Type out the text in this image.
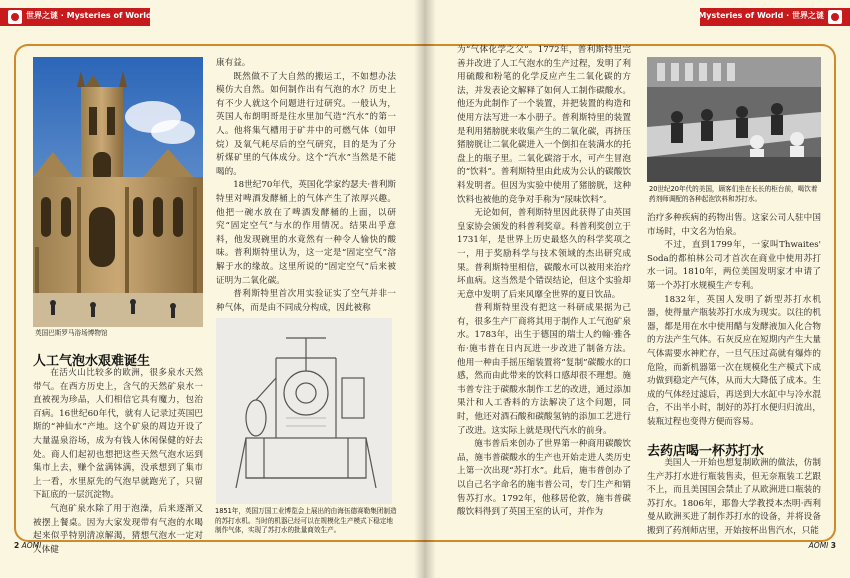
世界之谜 · Mysteries of World
英国巴斯罗马浴场博物馆
1851年，英国万国工业博览会上展出的由海伍德赛勒集团制造的苏打水机。当时的机器已经可以在规模化生产模式下稳定地制作气体，实现了苏打水的批量商效生产。
人工气泡水艰难诞生

在活火山比较多的欧洲，很多泉水天然带气。在西方历史上，含气的天然矿泉水一直被视为珍品，人们相信它具有魔力，包治百病。16世纪60年代，就有人记录过英国巴斯的“神仙水”产地。这个矿泉的周边开设了大量温泉浴场，成为有钱人休闲保健的好去处。商人们起初也想把这些天然气泡水运到集市上去，赚个盆满钵满，没承想到了集市上一看，水里原先的气泡早就跑光了，只留下缸底的一层沉淀物。

气泡矿泉水除了用于泡澡，后来逐渐又被摆上餐桌。因为大家发现带有气泡的水喝起来似乎特别清凉解渴，猜想气泡水一定对人体健

康有益。

既然做不了大自然的搬运工，不如想办法模仿大自然。如何制作出有气泡的水？历史上有不少人就这个问题进行过研究。一般认为，英国人布朗明哥是往水里加气造“汽水”的第一人。他将集气槽用于矿井中的可燃气体（如甲烷）及氧气耗尽后的空气研究，目的是为了分析煤矿里的气体成分。这个“汽水”当然是不能喝的。

18世纪70年代，英国化学家约瑟夫·普利斯特里对啤酒发酵桶上的气体产生了浓厚兴趣。他把一碗水放在了啤酒发酵桶的上面，以研究“固定空气”与水的作用情况。结果出乎意料，他发现碗里的水竟然有一种令人愉快的酸味。普利斯特里认为，这一定是“固定空气”溶解于水的缘故。这里所说的“固定空气”后来被证明为二氧化碳。

普利斯特里首次用实验证实了空气并非一种气体，而是由不同成分构成，因此被称

2 AOMI
Mysteries of World · 世界之谜

为“气体化学之父”。1772年，普利斯特里完善并改进了人工气泡水的生产过程，发明了利用硫酸和粉笔的化学反应产生二氧化碳的方法，并发表论文解释了如何人工制作碳酸水。他还为此制作了一个装置，并把装置的构造和使用方法写进一本小册子。普利斯特里的装置是利用猪膀胱来收集产生的二氧化碳，再挤压猪膀胱让二氧化碳进入一个倒扣在装满水的托盘上的瓶子里。二氧化碳溶于水，可产生冒泡的“饮料”。普利斯特里由此成为公认的碳酸饮料发明者。但因为实验中使用了猪膀胱，这种饮料也被他的竞争对手称为“尿味饮料”。

无论如何，普利斯特里因此获得了由英国皇家协会颁发的科普利奖章。科普利奖创立于1731年，是世界上历史最悠久的科学奖项之一，用于奖励科学与技术领域的杰出研究成果。普利斯特里相信，碳酸水可以被用来治疗坏血病。这当然是个错误结论，但这个实验却无意中发明了后来风靡全世界的夏日饮品。

普利斯特里没有把这一科研成果据为己有，很多生产厂商将其用于制作人工气泡矿泉水。1783年，出生于德国的瑞士人约翰·雅各布·施韦普在日内瓦进一步改进了制备方法。他用一种由手摇压缩装置将“复制”碳酸水的口感，然而由此带来的饮料口感却很不理想。施韦普专注于碳酸水制作工艺的改进，通过添加果汁和人工香料的方法解决了这个问题，同时，他还对酒石酸和碳酸氢钠的添加工艺进行了改进。这实际上就是现代汽水的前身。

施韦普后来创办了世界第一种商用碳酸饮品，施韦普碳酸水的生产也开始走进人类历史上第一次出现“苏打水”。此后，施韦普创办了以自己名字命名的施韦普公司，专门生产和销售苏打水。1792年，他移居伦敦，施韦普碳酸饮料得到了英国王室的认可，并作为

20世纪20年代的美国，顾客们坐在长长的柜台前，喝饮着药剂师调配的各种起泡饮料和苏打水。

治疗多种疾病的药物出售。这家公司人驻中国市场时，中文名为怡泉。

不过，直到1799年，一家叫Thwaites' Soda的都柏林公司才首次在商业中使用苏打水一词。1810年，两位美国发明家才申请了第一个苏打水规模生产专利。

1832年，英国人发明了新型苏打水机器，使得量产瓶装苏打水成为现实。以往的机器，都是用在水中使用醋与发酵液加入化合物的方法产生气体。石灰反应在短期内产生大量气体需要水神贮存，一旦气压过高就有爆炸的危险，而新机器第一次在规模化生产模式下成功做到稳定产气体，从而大大降低了成本。生成的气体经过滤后，再送到大水缸中与冷水混合，不出半小时，制好的苏打水便归归流出，装瓶过程也变得方便而容易。

去药店喝一杯苏打水

美国人一开始也想复制欧洲的做法，仿制生产苏打水进行瓶装售卖，但无奈瓶装工艺跟不上，而且美国国会禁止了从欧洲进口瓶装的苏打水。1806年，耶鲁大学教授本杰明·西利曼从欧洲买进了制作苏打水的设备，并将设备搬到了药剂师店里，开始按杯出售汽水，只能

AOMI 3
